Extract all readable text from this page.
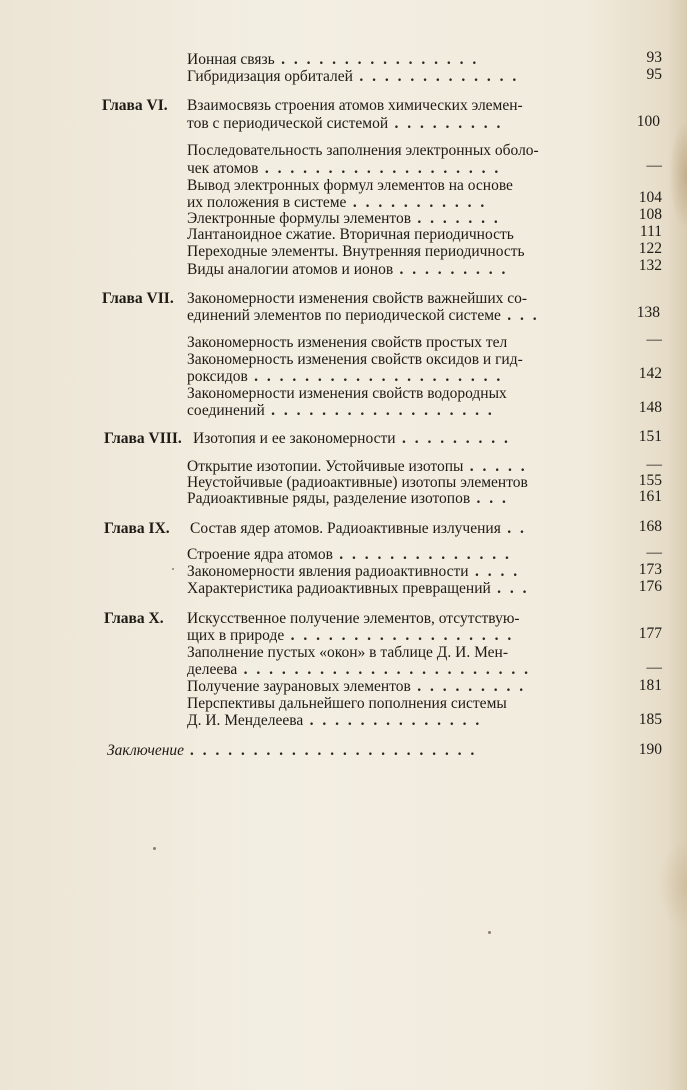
Ионная связь . . . . . . . . . . . . . . . .	93
Гибридизация орбиталей . . . . . . . . . . . . .	95
Глава VI. Взаимосвязь строения атомов химических элемен-
тов с периодической системой . . . . . . . . .	100
Последовательность заполнения электронных оболо-
чек атомов . . . . . . . . . . . . . . . . . . .	—
Вывод электронных формул элементов на основе
их положения в системе . . . . . . . . . . .	104
Электронные формулы элементов . . . . . . .	108
Лантаноидное сжатие. Вторичная периодичность	111
Переходные элементы. Внутренняя периодичность	122
Виды аналогии атомов и ионов . . . . . . . . .	132
Глава VII. Закономерности изменения свойств важнейших со-
единений элементов по периодической системе . . .	138
Закономерность изменения свойств простых тел	—
Закономерность изменения свойств оксидов и гид-
роксидов . . . . . . . . . . . . . . . . . . . .	142
Закономерности изменения свойств водородных
соединений . . . . . . . . . . . . . . . . . .	148
Глава VIII. Изотопия и ее закономерности . . . . . . . . .	151
Открытие изотопии. Устойчивые изотопы . . . . .	—
Неустойчивые (радиоактивные) изотопы элементов	155
Радиоактивные ряды, разделение изотопов . . .	161
Глава IX. Состав ядер атомов. Радиоактивные излучения . .	168
Строение ядра атомов . . . . . . . . . . . . . .	—
Закономерности явления радиоактивности . . . .	173
Характеристика радиоактивных превращений . . .	176
Глава X. Искусственное получение элементов, отсутствую-
щих в природе . . . . . . . . . . . . . . . . . .	177
Заполнение пустых «окон» в таблице Д. И. Мен-
делеева . . . . . . . . . . . . . . . . . . . . . . .	—
Получение заурановых элементов . . . . . . . . .	181
Перспективы дальнейшего пополнения системы
Д. И. Менделеева . . . . . . . . . . . . . .	185
Заключение . . . . . . . . . . . . . . . . . . . . . . .	190
